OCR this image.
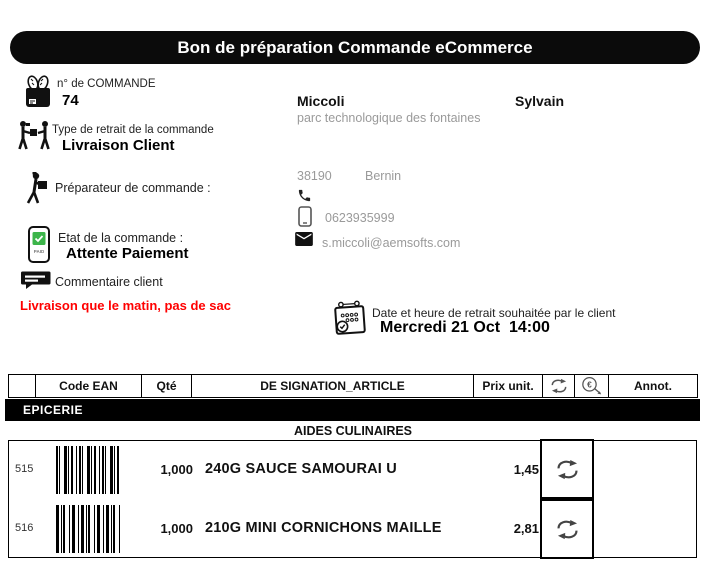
Bon de préparation Commande eCommerce
n° de COMMANDE
74
Type de retrait de la commande
Livraison Client
Préparateur de commande :
PAID
Etat de la commande :
Attente Paiement
Commentaire client
Livraison que le matin, pas de sac
Miccoli	Sylvain
parc technologique des fontaines
38190	Bernin
0623935999
s.miccoli@aemsofts.com
Date et heure de retrait souhaitée par le client
Mercredi 21 Oct  14:00
Code EAN	Qté	DE SIGNATION_ARTICLE	Prix unit.	€	Annot.
EPICERIE
AIDES CULINAIRES
515	1,000 240G SAUCE SAMOURAI U	1,45
516	1,000 210G MINI CORNICHONS MAILLE	2,81
